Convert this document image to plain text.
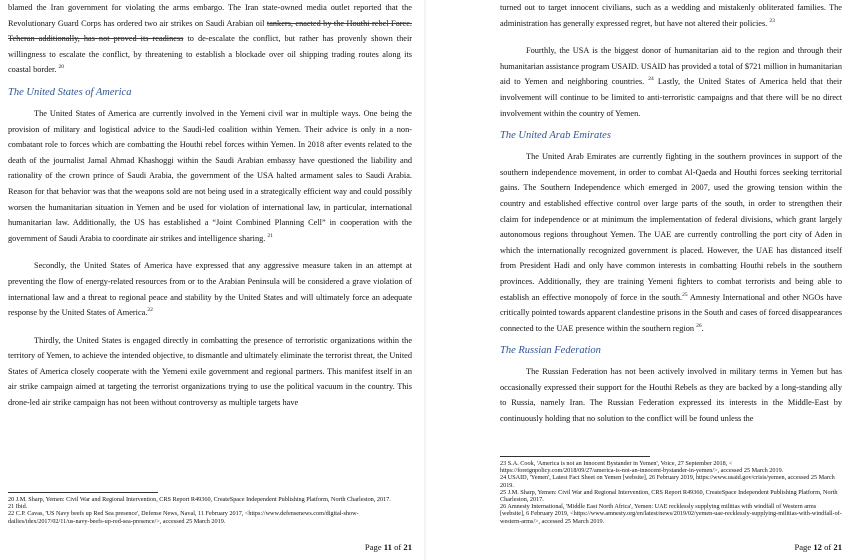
blamed the Iran government for violating the arms embargo. The Iran state-owned media outlet reported that the Revolutionary Guard Corps has ordered two air strikes on Saudi Arabian oil tankers, enacted by the Houthi rebel Force. Teheran additionally, has not proved its readiness to de-escalate the conflict, but rather has provenly shown their willingness to escalate the conflict, by threatening to establish a blockade over oil shipping trading routes along its coastal border. $^{20}$

The United States of America

The United States of America are currently involved in the Yemeni civil war in multiple ways. One being the provision of military and logistical advice to the Saudi-led coalition within Yemen. Their advice is only in a non-combatant role to forces which are combatting the Houthi rebel forces within Yemen. In 2018 after events related to the death of the journalist Jamal Ahmad Khashoggi within the Saudi Arabian embassy have questioned the liability and rationality of the crown prince of Saudi Arabia, the government of the USA halted armament sales to Saudi Arabia. Reason for that behavior was that the weapons sold are not being used in a strategically efficient way and could possibly worsen the humanitarian situation in Yemen and be used for violation of international law, in particular, international humanitarian law. Additionally, the US has established a “Joint Combined Planning Cell” in cooperation with the government of Saudi Arabia to coordinate air strikes and intelligence sharing. $^{21}$

Secondly, the United States of America have expressed that any aggressive measure taken in an attempt at preventing the flow of energy-related resources from or to the Arabian Peninsula will be considered a grave violation of international law and a threat to regional peace and stability by the United States and will ultimately force an adequate response by the United States of America.$^{22}$

Thirdly, the United States is engaged directly in combatting the presence of terroristic organizations within the territory of Yemen, to achieve the intended objective, to dismantle and ultimately eliminate the terrorist threat, the United States of America closely cooperate with the Yemeni exile government and regional partners. This manifest itself in an air strike campaign aimed at targeting the terrorist organizations trying to use the political vacuum in the country. This drone-led air strike campaign has not been without controversy as multiple targets have

20 J.M. Sharp, Yemen: Civil War and Regional Intervention, CRS Report R49360, CreateSpace Independent Publishing Platform, North Charleston, 2017.

21 Ibid.

22 C.P. Cavas, 'US Navy beefs up Red Sea presence', Defense News, Naval, 11 February 2017, <https://www.defensenews.com/digital-show-dailies/idex/2017/02/11/us-navy-beefs-up-red-sea-presence/>, accessed 25 March 2019.

Page 11 of 21

turned out to target innocent civilians, such as a wedding and mistakenly obliterated families. The administration has generally expressed regret, but have not altered their policies. $^{23}$

Fourthly, the USA is the biggest donor of humanitarian aid to the region and through their humanitarian assistance program USAID. USAID has provided a total of $721 million in humanitarian aid to Yemen and neighboring countries. $^{24}$ Lastly, the United States of America held that their involvement will continue to be limited to anti-terroristic campaigns and that there will be no direct involvement within the country of Yemen.

The United Arab Emirates

The United Arab Emirates are currently fighting in the southern provinces in support of the southern independence movement, in order to combat Al-Qaeda and Houthi forces seeking territorial gains. The Southern Independence which emerged in 2007, used the growing tension within the country and established effective control over large parts of the south, in order to strengthen their claim for independence or at minimum the implementation of federal divisions, which grant largely autonomous regions throughout Yemen. The UAE are currently controlling the port city of Aden in which the internationally recognized government is placed. However, the UAE has distanced itself from President Hadi and only have common interests in combatting Houthi rebels in the southern provinces. Additionally, they are training Yemeni fighters to combat terrorists and being able to establish an effective monopoly of force in the south.$^{25}$ Amnesty International and other NGOs have critically pointed towards apparent clandestine prisons in the South and cases of forced disappearances connected to the UAE presence within the southern region $^{26}$.

The Russian Federation

The Russian Federation has not been actively involved in military terms in Yemen but has occasionally expressed their support for the Houthi Rebels as they are backed by a long-standing ally to Russia, namely Iran. The Russian Federation expressed its interests in the Middle-East by continuously holding that no solution to the conflict will be found unless the

23 S.A. Cook, 'America is not an Innocent Bystander in Yemen', Voice, 27 September 2018, < https://foreignpolicy.com/2018/09/27/america-is-not-an-innocent-bystander-in-yemen/>, accessed 25 March 2019.

24 USAID, 'Yemen', Latest Fact Sheet on Yemen [website], 26 February 2019, https://www.usaid.gov/crisis/yemen, accessed 25 March 2019.

25 J.M. Sharp, Yemen: Civil War and Regional Intervention, CRS Report R49360, CreateSpace Independent Publishing Platform, North Charleston, 2017.

26 Amnesty International, 'Middle East North Africa', Yemen: UAE recklessly supplying militias with windfall of Western arms [website], 6 February 2019, <https://www.amnesty.org/en/latest/news/2019/02/yemen-uae-recklessly-supplying-militias-with-windfall-of-western-arms/>, accessed 25 March 2019.

Page 12 of 21
